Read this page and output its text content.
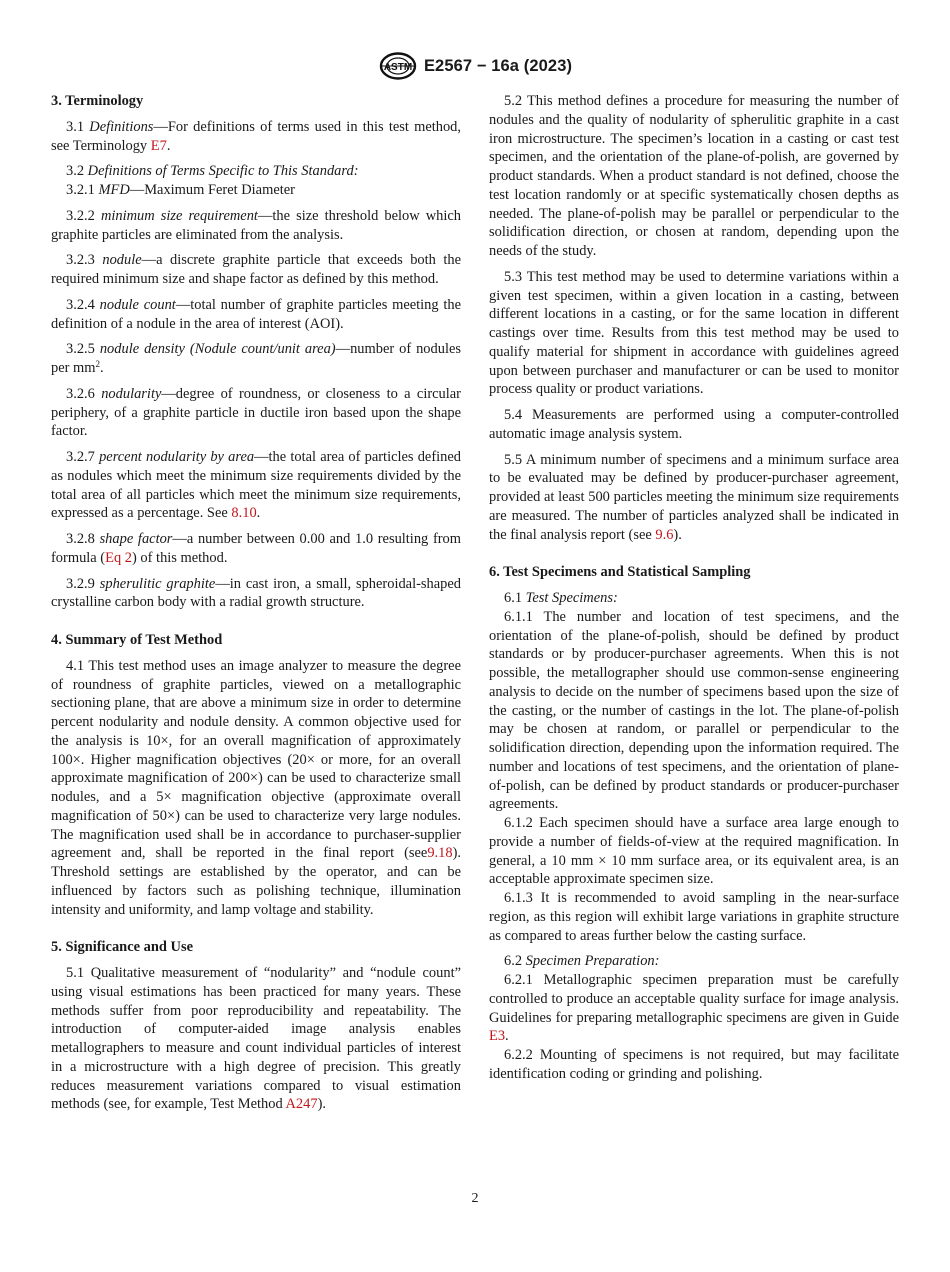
ASTM E2567 − 16a (2023)
3. Terminology

3.1 Definitions—For definitions of terms used in this test method, see Terminology E7.

3.2 Definitions of Terms Specific to This Standard:

3.2.1 MFD—Maximum Feret Diameter

3.2.2 minimum size requirement—the size threshold below which graphite particles are eliminated from the analysis.

3.2.3 nodule—a discrete graphite particle that exceeds both the required minimum size and shape factor as defined by this method.

3.2.4 nodule count—total number of graphite particles meeting the definition of a nodule in the area of interest (AOI).

3.2.5 nodule density (Nodule count/unit area)—number of nodules per $mm^2$.

3.2.6 nodularity—degree of roundness, or closeness to a circular periphery, of a graphite particle in ductile iron based upon the shape factor.

3.2.7 percent nodularity by area—the total area of particles defined as nodules which meet the minimum size requirements divided by the total area of all particles which meet the minimum size requirements, expressed as a percentage. See 8.10.

3.2.8 shape factor—a number between 0.00 and 1.0 resulting from formula (Eq 2) of this method.

3.2.9 spherulitic graphite—in cast iron, a small, spheroidal-shaped crystalline carbon body with a radial growth structure.

4. Summary of Test Method

4.1 This test method uses an image analyzer to measure the degree of roundness of graphite particles, viewed on a metallographic sectioning plane, that are above a minimum size in order to determine percent nodularity and nodule density. A common objective used for the analysis is 10×, for an overall magnification of approximately 100×. Higher magnification objectives (20× or more, for an overall approximate magnification of 200×) can be used to characterize small nodules, and a 5× magnification objective (approximate overall magnification of 50×) can be used to characterize very large nodules. The magnification used shall be in accordance to purchaser-supplier agreement and, shall be reported in the final report (see9.18). Threshold settings are established by the operator, and can be influenced by factors such as polishing technique, illumination intensity and uniformity, and lamp voltage and stability.

5. Significance and Use

5.1 Qualitative measurement of “nodularity” and “nodule count” using visual estimations has been practiced for many years. These methods suffer from poor reproducibility and repeatability. The introduction of computer-aided image analysis enables metallographers to measure and count individual particles of interest in a microstructure with a high degree of precision. This greatly reduces measurement variations compared to visual estimation methods (see, for example, Test Method A247).

5.2 This method defines a procedure for measuring the number of nodules and the quality of nodularity of spherulitic graphite in a cast iron microstructure. The specimen’s location in a casting or cast test specimen, and the orientation of the plane-of-polish, are governed by product standards. When a product standard is not defined, choose the test location randomly or at specific systematically chosen depths as needed. The plane-of-polish may be parallel or perpendicular to the solidification direction, or chosen at random, depending upon the needs of the study.

5.3 This test method may be used to determine variations within a given test specimen, within a given location in a casting, between different locations in a casting, or for the same location in different castings over time. Results from this test method may be used to qualify material for shipment in accordance with guidelines agreed upon between purchaser and manufacturer or can be used to monitor process quality or product variations.

5.4 Measurements are performed using a computer-controlled automatic image analysis system.

5.5 A minimum number of specimens and a minimum surface area to be evaluated may be defined by producer-purchaser agreement, provided at least 500 particles meeting the minimum size requirements are measured. The number of particles analyzed shall be indicated in the final analysis report (see 9.6).

6. Test Specimens and Statistical Sampling

6.1 Test Specimens:

6.1.1 The number and location of test specimens, and the orientation of the plane-of-polish, should be defined by product standards or by producer-purchaser agreements. When this is not possible, the metallographer should use common-sense engineering analysis to decide on the number of specimens based upon the size of the casting, or the number of castings in the lot. The plane-of-polish may be chosen at random, or parallel or perpendicular to the solidification direction, depending upon the information required. The number and locations of test specimens, and the orientation of plane-of-polish, can be defined by product standards or producer-purchaser agreements.

6.1.2 Each specimen should have a surface area large enough to provide a number of fields-of-view at the required magnification. In general, a 10 mm × 10 mm surface area, or its equivalent area, is an acceptable approximate specimen size.

6.1.3 It is recommended to avoid sampling in the near-surface region, as this region will exhibit large variations in graphite structure as compared to areas further below the casting surface.

6.2 Specimen Preparation:

6.2.1 Metallographic specimen preparation must be carefully controlled to produce an acceptable quality surface for image analysis. Guidelines for preparing metallographic specimens are given in Guide E3.

6.2.2 Mounting of specimens is not required, but may facilitate identification coding or grinding and polishing.

2
